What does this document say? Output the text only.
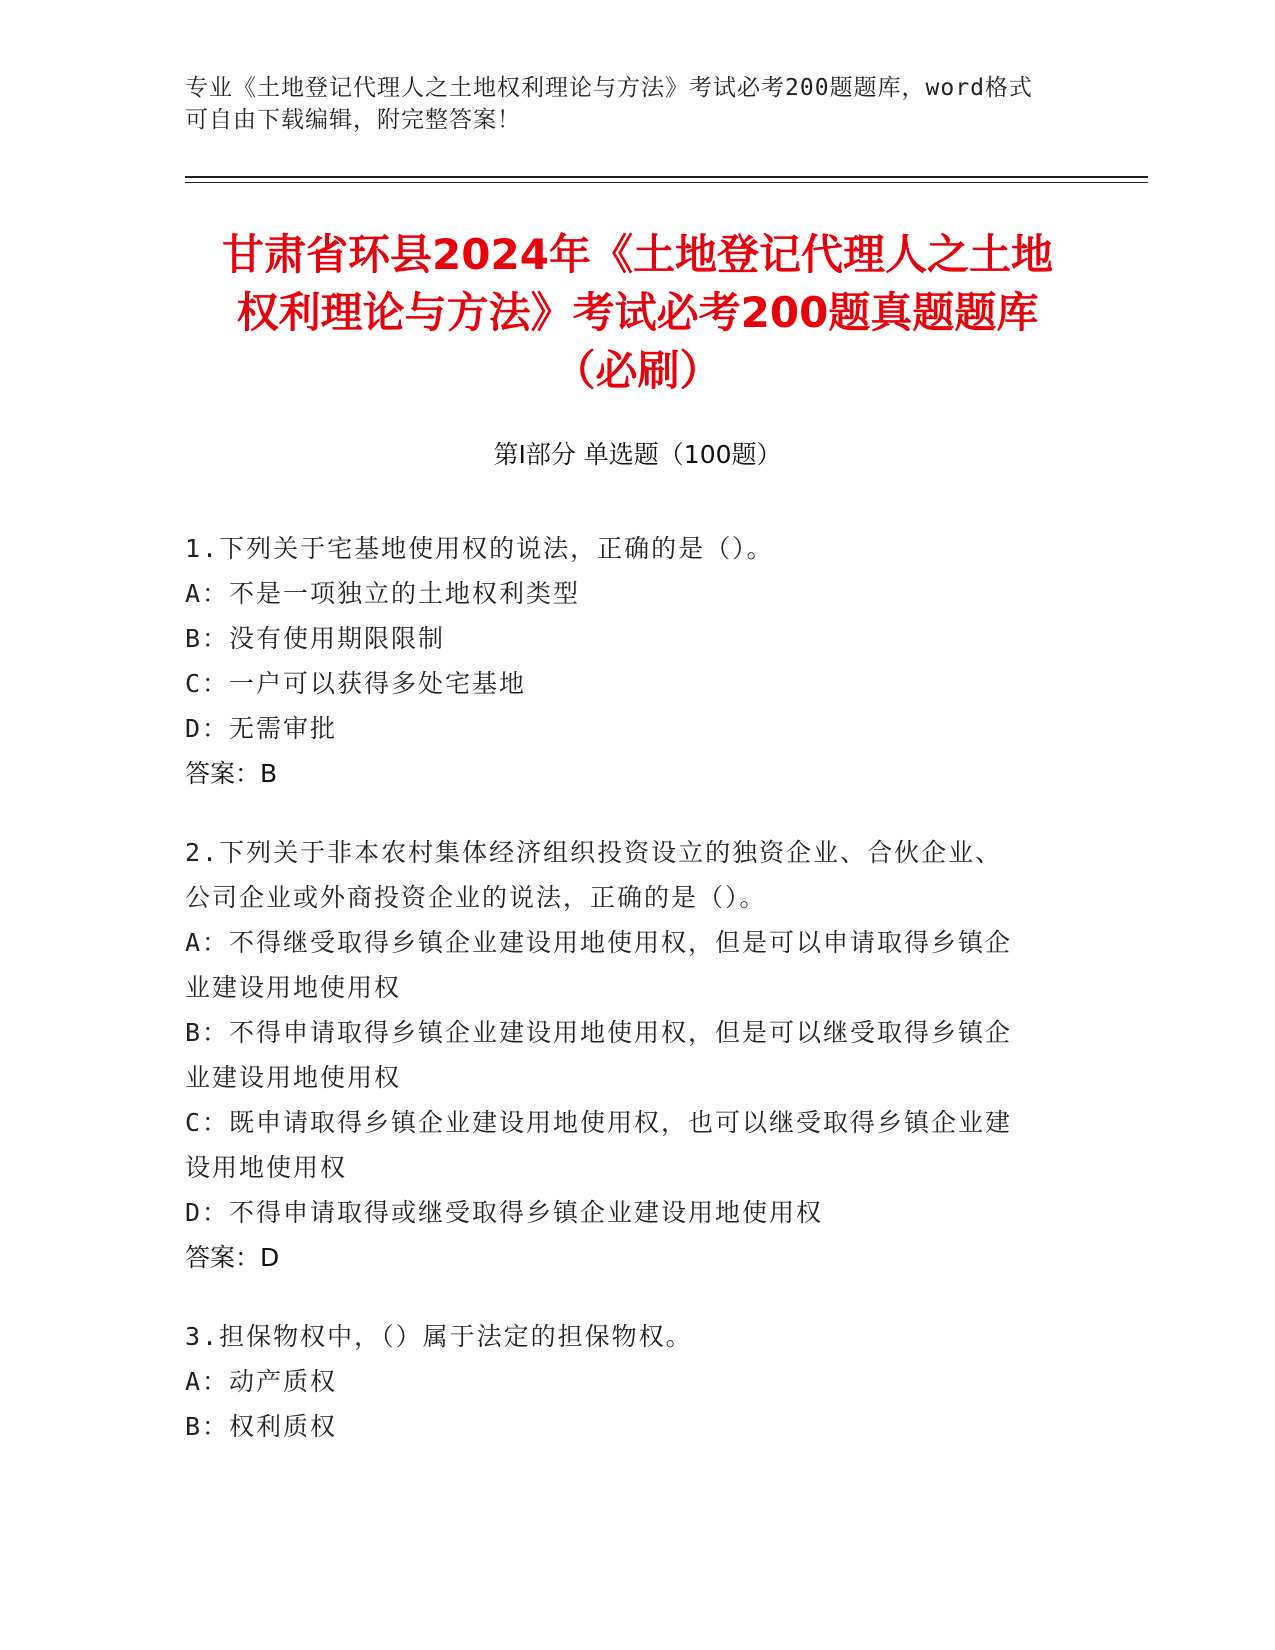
专业《土地登记代理人之土地权利理论与方法》考试必考200题题库，word格式
可自由下载编辑，附完整答案！
甘肃省环县2024年《土地登记代理人之土地
权利理论与方法》考试必考200题真题题库
（必刷）
第Ⅰ部分 单选题（100题）
1.下列关于宅基地使用权的说法，正确的是（）。
A：不是一项独立的土地权利类型
B：没有使用期限限制
C：一户可以获得多处宅基地
D：无需审批
答案：B
2.下列关于非本农村集体经济组织投资设立的独资企业、合伙企业、
公司企业或外商投资企业的说法，正确的是（）。
A：不得继受取得乡镇企业建设用地使用权，但是可以申请取得乡镇企
业建设用地使用权
B：不得申请取得乡镇企业建设用地使用权，但是可以继受取得乡镇企
业建设用地使用权
C：既申请取得乡镇企业建设用地使用权，也可以继受取得乡镇企业建
设用地使用权
D：不得申请取得或继受取得乡镇企业建设用地使用权
答案：D
3.担保物权中，（）属于法定的担保物权。
A：动产质权
B：权利质权
